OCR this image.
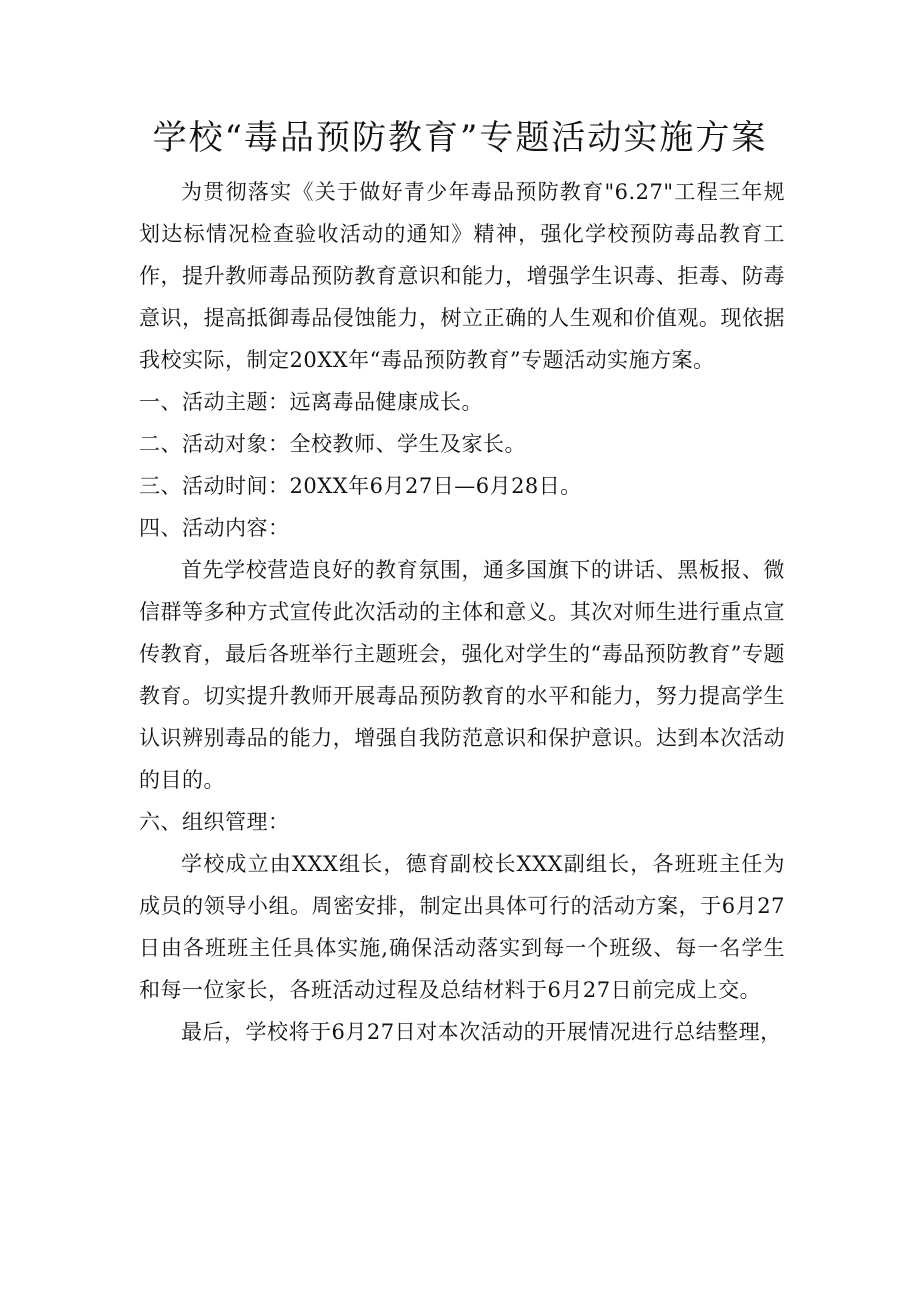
学校“毒品预防教育”专题活动实施方案

为贯彻落实《关于做好青少年毒品预防教育"6.27"工程三年规划达标情况检查验收活动的通知》精神，强化学校预防毒品教育工作，提升教师毒品预防教育意识和能力，增强学生识毒、拒毒、防毒意识，提高抵御毒品侵蚀能力，树立正确的人生观和价值观。现依据我校实际，制定20XX年“毒品预防教育”专题活动实施方案。

一、活动主题：远离毒品健康成长。

二、活动对象：全校教师、学生及家长。

三、活动时间：20XX年6月27日—6月28日。

四、活动内容：

首先学校营造良好的教育氛围，通多国旗下的讲话、黑板报、微信群等多种方式宣传此次活动的主体和意义。其次对师生进行重点宣传教育，最后各班举行主题班会，强化对学生的“毒品预防教育”专题教育。切实提升教师开展毒品预防教育的水平和能力，努力提高学生认识辨别毒品的能力，增强自我防范意识和保护意识。达到本次活动的目的。

六、组织管理：

学校成立由XXX组长，德育副校长XXX副组长，各班班主任为成员的领导小组。周密安排，制定出具体可行的活动方案，于6月27日由各班班主任具体实施,确保活动落实到每一个班级、每一名学生和每一位家长，各班活动过程及总结材料于6月27日前完成上交。

最后，学校将于6月27日对本次活动的开展情况进行总结整理，
